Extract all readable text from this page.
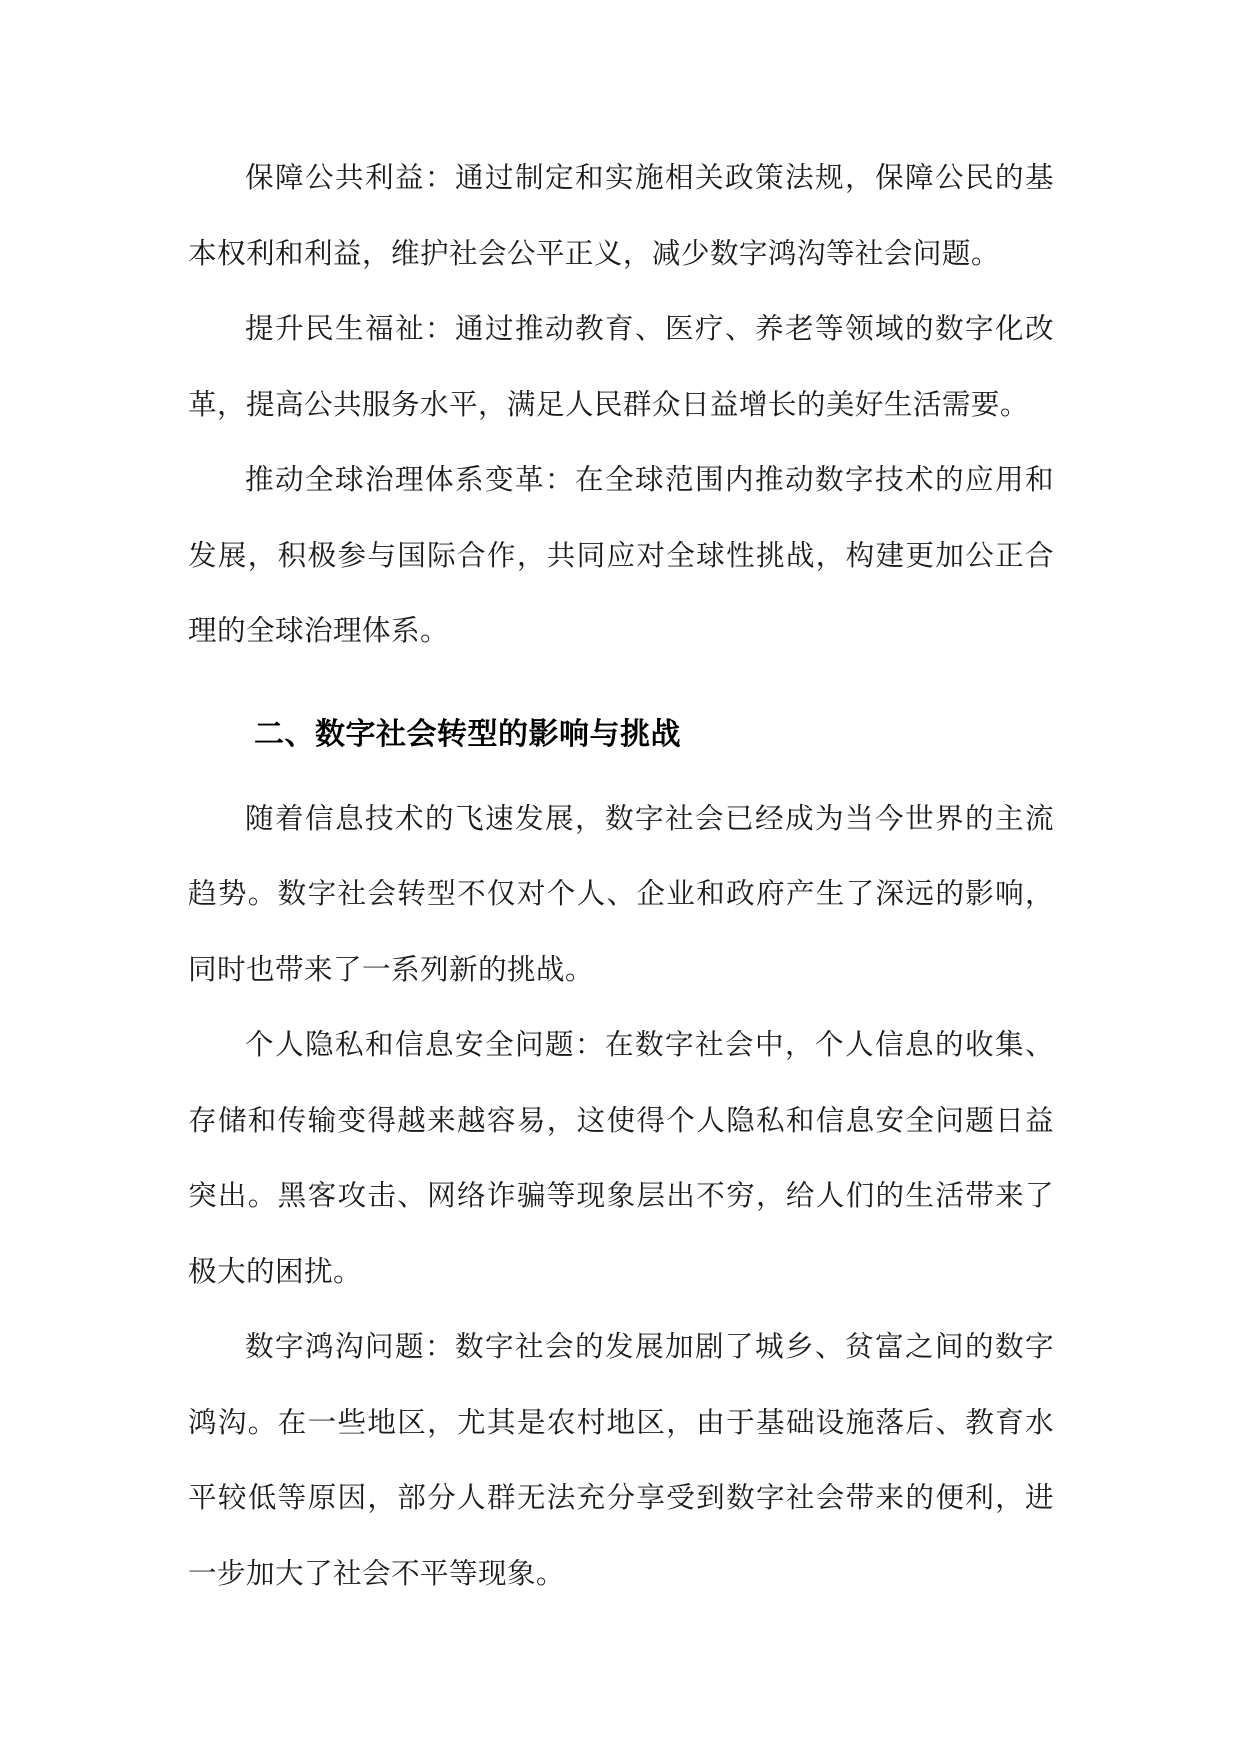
保障公共利益：通过制定和实施相关政策法规，保障公民的基本权利和利益，维护社会公平正义，减少数字鸿沟等社会问题。

提升民生福祉：通过推动教育、医疗、养老等领域的数字化改革，提高公共服务水平，满足人民群众日益增长的美好生活需要。

推动全球治理体系变革：在全球范围内推动数字技术的应用和发展，积极参与国际合作，共同应对全球性挑战，构建更加公正合理的全球治理体系。

二、数字社会转型的影响与挑战

随着信息技术的飞速发展，数字社会已经成为当今世界的主流趋势。数字社会转型不仅对个人、企业和政府产生了深远的影响，同时也带来了一系列新的挑战。

个人隐私和信息安全问题：在数字社会中，个人信息的收集、存储和传输变得越来越容易，这使得个人隐私和信息安全问题日益突出。黑客攻击、网络诈骗等现象层出不穷，给人们的生活带来了极大的困扰。

数字鸿沟问题：数字社会的发展加剧了城乡、贫富之间的数字鸿沟。在一些地区，尤其是农村地区，由于基础设施落后、教育水平较低等原因，部分人群无法充分享受到数字社会带来的便利，进一步加大了社会不平等现象。
